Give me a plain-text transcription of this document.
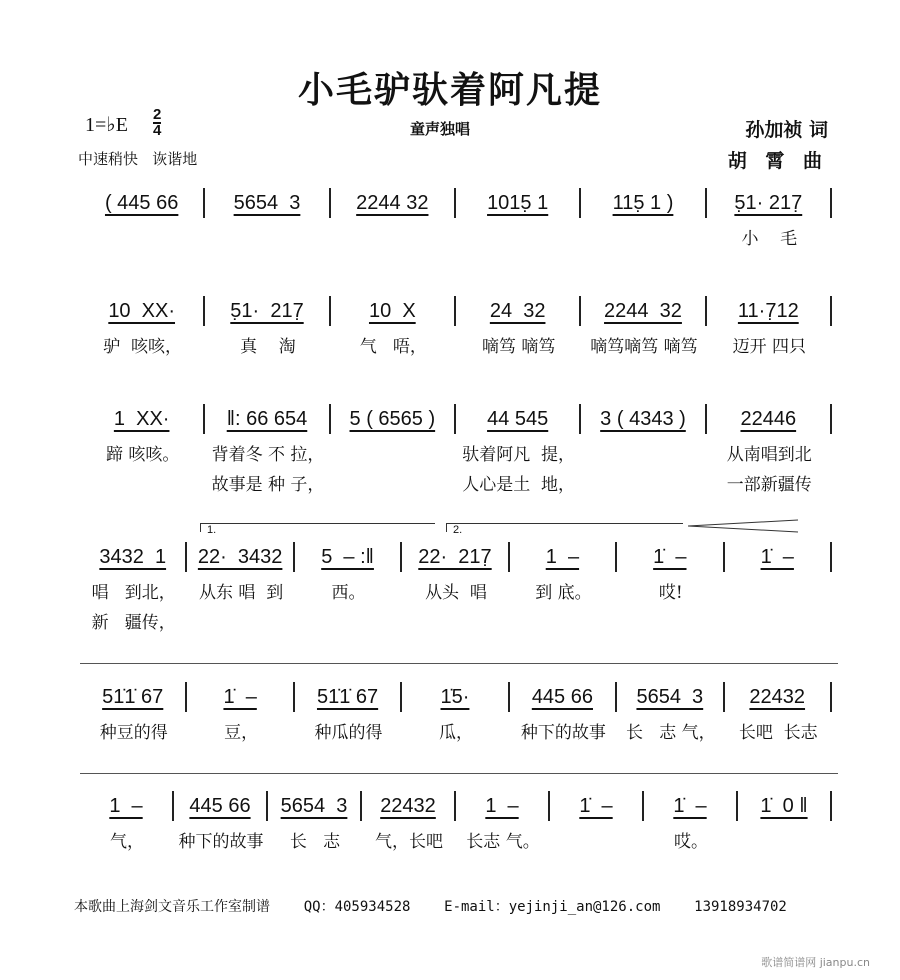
小毛驴驮着阿凡提
1=♭E 2
4	童声独唱
中速稍快   诙谐地
孙加祯 词
胡 霄 曲
( 445 66	5654  3	2244 32	1015̣ 1	115̣ 1 )	5̣1· 217̣
小    毛
10  XX·	5̣1·  217̣	10  X	24  32	2244  32	11·7̣12
驴  咳咳，	真    淘	气   唔，	嘀笃 嘀笃	嘀笃嘀笃 嘀笃	迈开 四只
1  XX·	‖: 66 654	5 ( 6565 )	44 545	3 ( 4343 )	22446
蹄 咳咳。	背着冬 不 拉，	驮着阿凡  提，	从南唱到北
故事是 种 子，	人心是土  地，	一部新疆传
3432  1	22·  3432	5  – :‖	22·  217̣	1  –	1̇  –	1̇  –
唱   到北，	从东 唱  到	西。	从头  唱	到 底。	哎!
新   疆传，
51̇1̇ 67	1̇  –	51̇1̇ 67	1̇5·	445 66	5654  3	22432
种豆的得	豆，	种瓜的得	瓜，	种下的故事	长   志 气，	长吧  长志
1  –	445 66	5654  3	22432	1  –	1̇  –	1̇  –	1̇  0 ‖
气，	种下的故事	长   志	气，长吧	长志 气。	哎。
1.	2.
本歌曲上海剑文音乐工作室制谱    QQ：405934528    E-mail：yejinji_an@126.com    13918934702
歌谱简谱网 jianpu.cn
